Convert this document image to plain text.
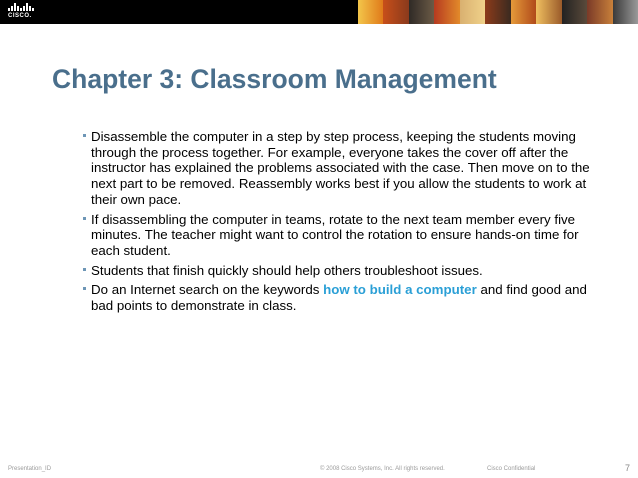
CISCO.
Chapter 3: Classroom Management
Disassemble the computer in a step by step process, keeping the students moving through the process together. For example, everyone takes the cover off after the instructor has explained the problems associated with the case. Then move on to the next part to be removed. Reassembly works best if you allow the students to work at their own pace.
If disassembling the computer in teams, rotate to the next team member every five minutes. The teacher might want to control the rotation to ensure hands-on time for each student.
Students that finish quickly should help others troubleshoot issues.
Do an Internet search on the keywords how to build a computer and find good and bad points to demonstrate in class.
Presentation_ID	© 2008 Cisco Systems, Inc. All rights reserved.	Cisco Confidential	7
